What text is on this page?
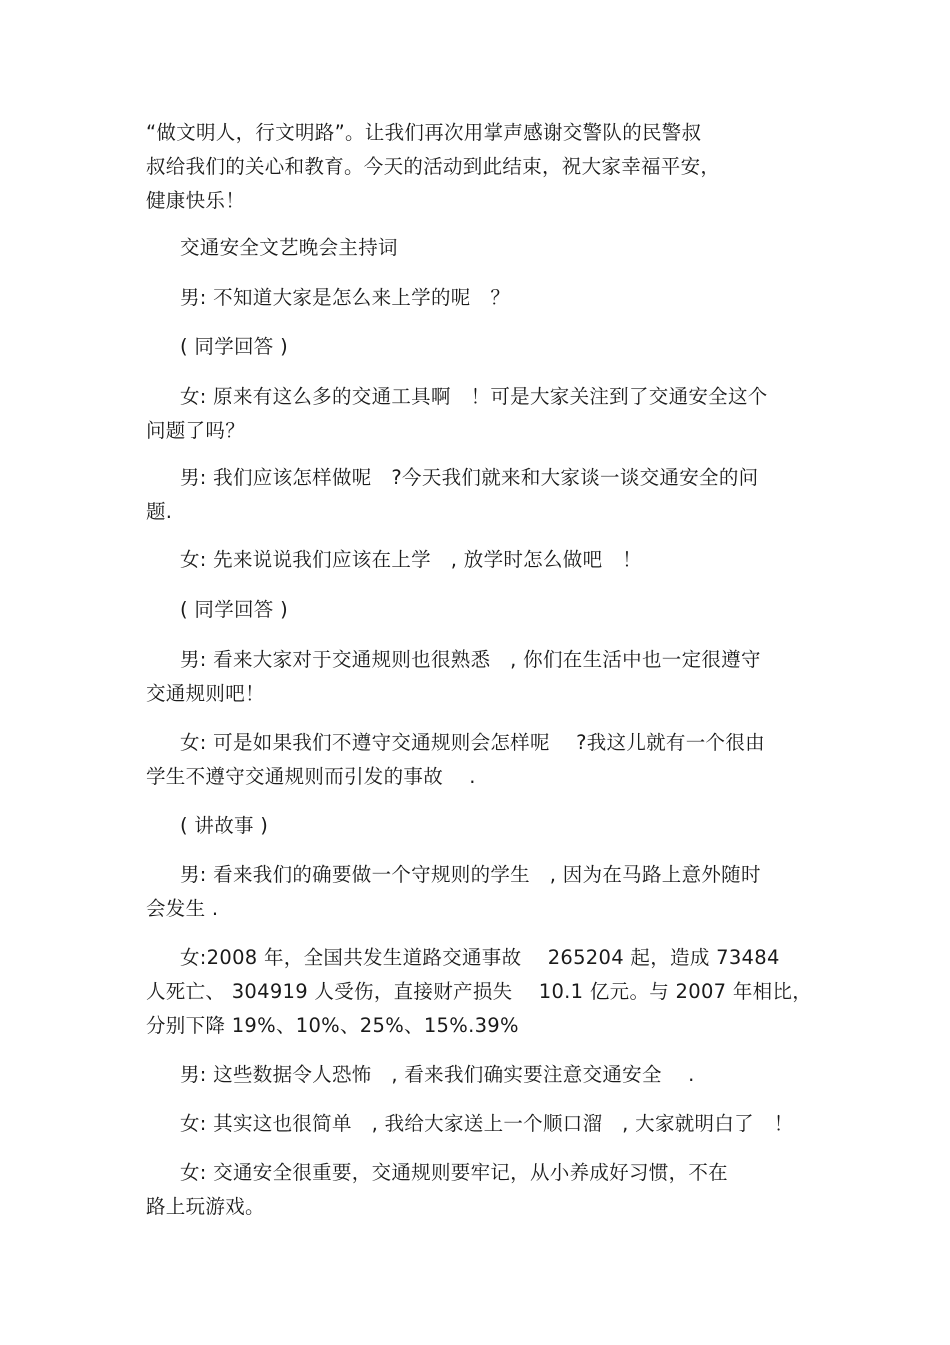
“做文明人，行文明路”。让我们再次用掌声感谢交警队的民警叔
叔给我们的关心和教育。今天的活动到此结束，祝大家幸福平安，
健康快乐！
交通安全文艺晚会主持词
男: 不知道大家是怎么来上学的呢　？
( 同学回答 )
女: 原来有这么多的交通工具啊　！可是大家关注到了交通安全这个
问题了吗？
男: 我们应该怎样做呢　?今天我们就来和大家谈一谈交通安全的问
题.
女: 先来说说我们应该在上学　, 放学时怎么做吧　！
( 同学回答 )
男: 看来大家对于交通规则也很熟悉　, 你们在生活中也一定很遵守
交通规则吧！
女: 可是如果我们不遵守交通规则会怎样呢　 ?我这儿就有一个很由
学生不遵守交通规则而引发的事故　 .
( 讲故事 )
男: 看来我们的确要做一个守规则的学生　, 因为在马路上意外随时
会发生 .
女:2008 年，全国共发生道路交通事故　 265204 起，造成 73484
人死亡、 304919 人受伤，直接财产损失　 10.1 亿元。与 2007 年相比，
分别下降 19%、10%、25%、15%.39%
男: 这些数据令人恐怖　, 看来我们确实要注意交通安全　 .
女: 其实这也很简单　, 我给大家送上一个顺口溜　, 大家就明白了　！
女: 交通安全很重要，交通规则要牢记，从小养成好习惯，不在
路上玩游戏。
